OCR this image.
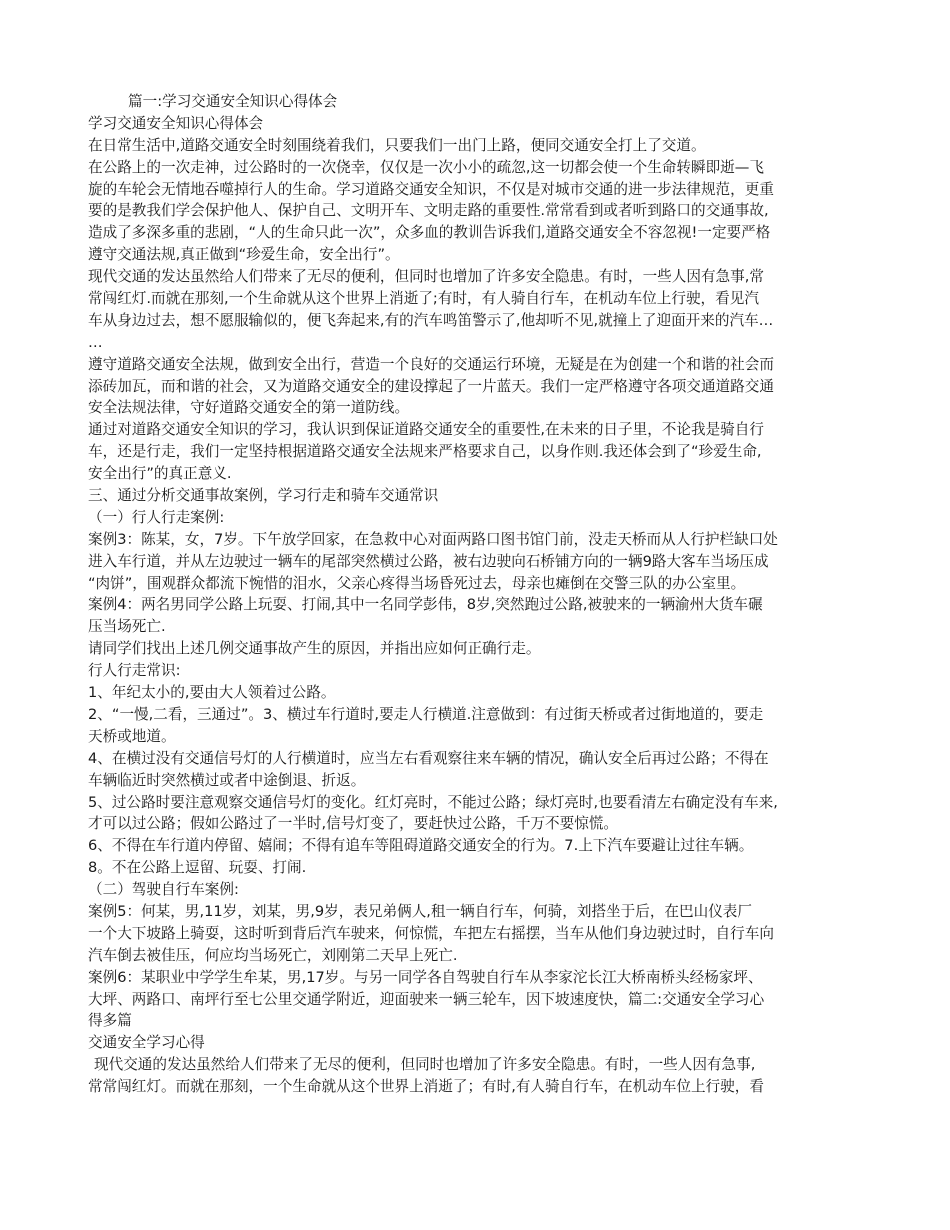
篇一:学习交通安全知识心得体会
学习交通安全知识心得体会
在日常生活中,道路交通安全时刻围绕着我们，只要我们一出门上路，便同交通安全打上了交道。
在公路上的一次走神，过公路时的一次侥幸，仅仅是一次小小的疏忽,这一切都会使一个生命转瞬即逝—飞
旋的车轮会无情地吞噬掉行人的生命。学习道路交通安全知识，不仅是对城市交通的进一步法律规范，更重
要的是教我们学会保护他人、保护自己、文明开车、文明走路的重要性.常常看到或者听到路口的交通事故,
造成了多深多重的悲剧，“人的生命只此一次”，众多血的教训告诉我们,道路交通安全不容忽视!一定要严格
遵守交通法规,真正做到“珍爱生命，安全出行”。
现代交通的发达虽然给人们带来了无尽的便利，但同时也增加了许多安全隐患。有时，一些人因有急事,常
常闯红灯.而就在那刻,一个生命就从这个世界上消逝了;有时，有人骑自行车，在机动车位上行驶，看见汽
车从身边过去，想不愿服输似的，便飞奔起来,有的汽车鸣笛警示了,他却听不见,就撞上了迎面开来的汽车…
…
遵守道路交通安全法规，做到安全出行，营造一个良好的交通运行环境，无疑是在为创建一个和谐的社会而
添砖加瓦，而和谐的社会，又为道路交通安全的建设撑起了一片蓝天。我们一定严格遵守各项交通道路交通
安全法规法律，守好道路交通安全的第一道防线。
通过对道路交通安全知识的学习，我认识到保证道路交通安全的重要性,在未来的日子里，不论我是骑自行
车，还是行走，我们一定坚持根据道路交通安全法规来严格要求自己，以身作则.我还体会到了“珍爱生命,
安全出行”的真正意义.
三、通过分析交通事故案例，学习行走和骑车交通常识
（一）行人行走案例:
案例3：陈某，女，7岁。下午放学回家，在急救中心对面两路口图书馆门前，没走天桥而从人行护栏缺口处
进入车行道，并从左边驶过一辆车的尾部突然横过公路，被右边驶向石桥铺方向的一辆9路大客车当场压成
“肉饼”，围观群众都流下惋惜的泪水，父亲心疼得当场昏死过去，母亲也瘫倒在交警三队的办公室里。
案例4：两名男同学公路上玩耍、打闹,其中一名同学彭伟，8岁,突然跑过公路,被驶来的一辆渝州大货车碾
压当场死亡.
请同学们找出上述几例交通事故产生的原因，并指出应如何正确行走。
行人行走常识:
1、年纪太小的,要由大人领着过公路。
2、“一慢,二看，三通过”。3、横过车行道时,要走人行横道.注意做到：有过街天桥或者过街地道的，要走
天桥或地道。
4、在横过没有交通信号灯的人行横道时，应当左右看观察往来车辆的情况，确认安全后再过公路；不得在
车辆临近时突然横过或者中途倒退、折返。
5、过公路时要注意观察交通信号灯的变化。红灯亮时，不能过公路；绿灯亮时,也要看清左右确定没有车来,
才可以过公路；假如公路过了一半时,信号灯变了，要赶快过公路，千万不要惊慌。
6、不得在车行道内停留、嬉闹；不得有追车等阻碍道路交通安全的行为。7.上下汽车要避让过往车辆。
8。不在公路上逗留、玩耍、打闹.
（二）驾驶自行车案例:
案例5：何某，男,11岁，刘某，男,9岁，表兄弟俩人,租一辆自行车，何骑，刘搭坐于后，在巴山仪表厂
一个大下坡路上骑耍，这时听到背后汽车驶来，何惊慌，车把左右摇摆，当车从他们身边驶过时，自行车向
汽车倒去被佳压，何应均当场死亡，刘刚第二天早上死亡.
案例6：某职业中学学生牟某，男,17岁。与另一同学各自驾驶自行车从李家沱长江大桥南桥头经杨家坪、
大坪、两路口、南坪行至七公里交通学附近，迎面驶来一辆三轮车，因下坡速度快，篇二:交通安全学习心
得多篇
交通安全学习心得
现代交通的发达虽然给人们带来了无尽的便利，但同时也增加了许多安全隐患。有时，一些人因有急事,
常常闯红灯。而就在那刻，一个生命就从这个世界上消逝了；有时,有人骑自行车，在机动车位上行驶，看
